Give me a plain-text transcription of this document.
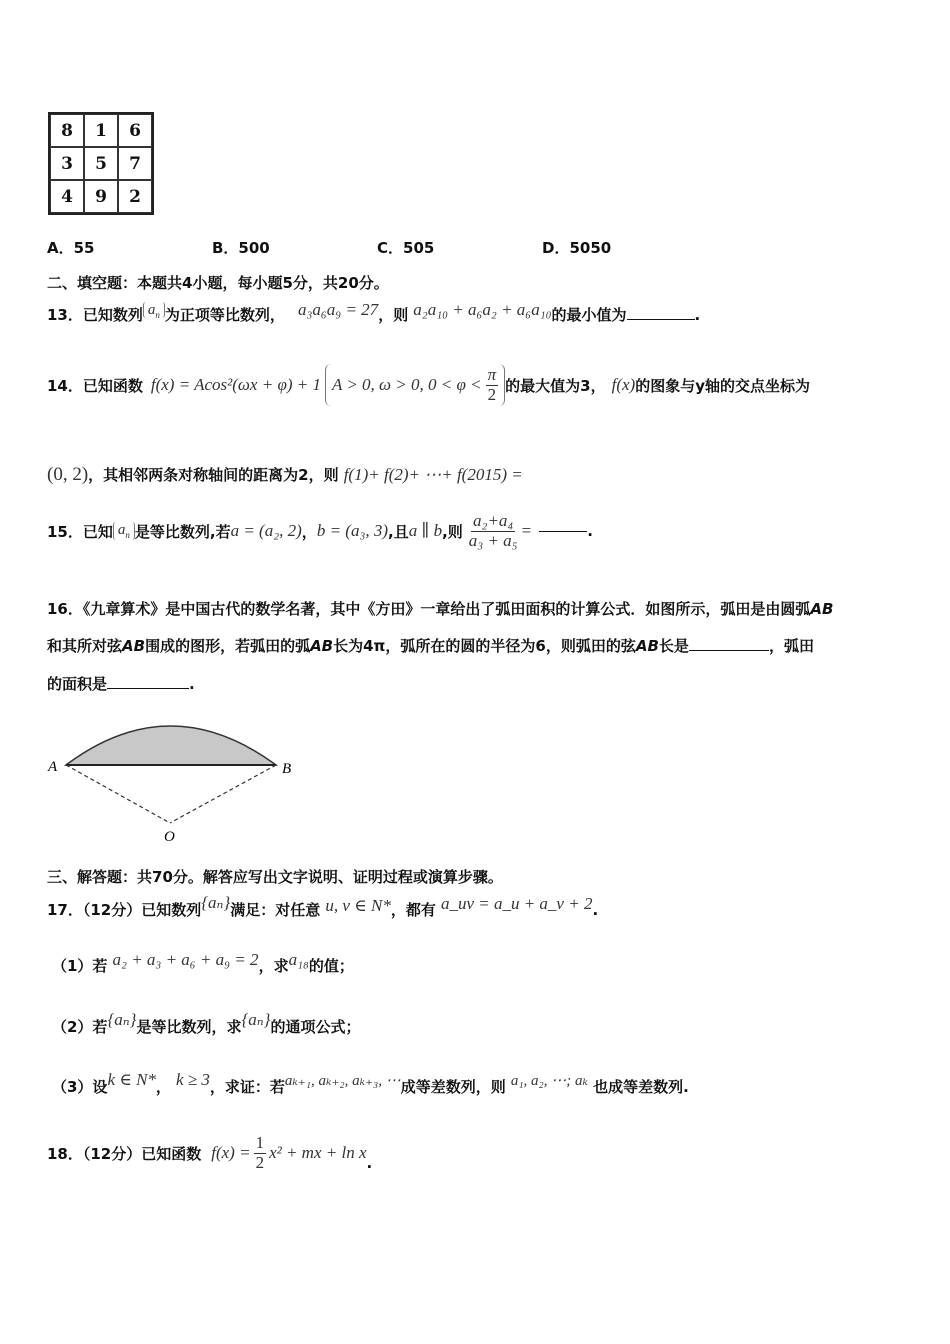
8	1	6
3	5	7
4	9	2
A．55	B．500	C．505	D．5050
二、填空题：本题共4小题，每小题5分，共20分。
13．已知数列 $a_n$ 为正项等比数列， a₃a₆a₉ = 27，则 a₂a₁₀ + a₆a₂ + a₆a₁₀的最小值为	.
14．已知函数 f(x) = Acos²(ωx + φ) + 1 A > 0, ω > 0, $0 < \varphi < \frac{\pi}{2}$ 的最大值为3， f(x) 的图象与y轴的交点坐标为
(0, 2)，其相邻两条对称轴间的距离为2，则 f(1)+ f(2)+ ⋯+ f(2015) =
15．已知 $a_n$ 是等比数列,若 a = (a₂, 2) ， b = (a₃, 3) ,且 a ∥ b ,则 $\frac{\text{a₂+a₄}}{\text{a₃ + a₅}}$ =	.
16．《九章算术》是中国古代的数学名著，其中《方田》一章给出了弧田面积的计算公式．如图所示，弧田是由圆弧AB
和其所对弦AB围成的图形，若弧田的弧AB长为4π，弧所在的圆的半径为6，则弧田的弦AB长是	，弧田
的面积是	.
A	B
O
三、解答题：共70分。解答应写出文字说明、证明过程或演算步骤。
17．（12分）已知数列{aₙ}满足：对任意 u, v ∈ N*，都有 a_uv = a_u + a_v + 2.
（1）若 a₂ + a₃ + a₆ + a₉ = 2，求a₁₈的值；
（2）若{aₙ}是等比数列，求{aₙ}的通项公式；
（3）设k ∈ N*， k ≥ 3，求证：若aₖ₊₁, aₖ₊₂, aₖ₊₃, ⋯成等差数列，则 a₁, a₂, ⋯; aₖ 也成等差数列.
18．（12分）已知函数 $f(x) = \frac{1}{2} x^2$ + mx + ln x
.
